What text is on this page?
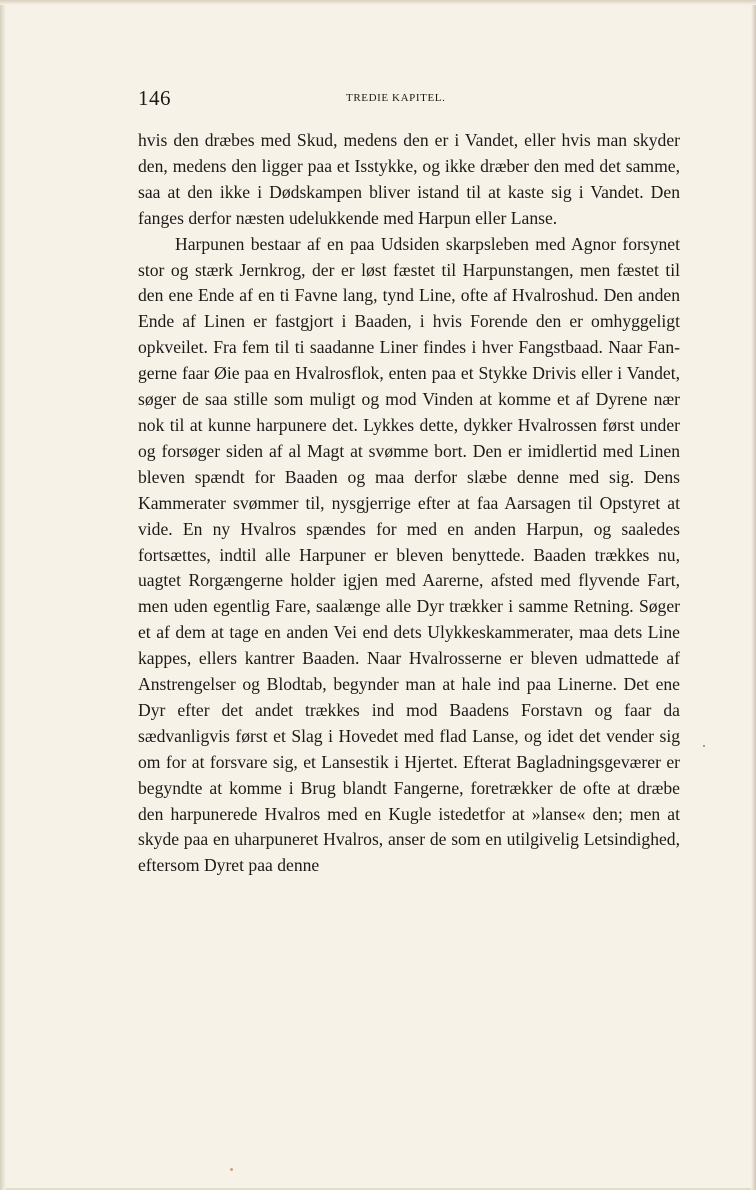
146	TREDIE KAPITEL.

hvis den dræbes med Skud, medens den er i Vandet, eller hvis man skyder den, medens den ligger paa et Isstykke, og ikke dræber den med det samme, saa at den ikke i Dødskampen bliver istand til at kaste sig i Vandet. Den fanges derfor næsten udelukkende med Harpun eller Lanse.

Harpunen bestaar af en paa Udsiden skarpsleben med Agnor forsynet stor og stærk Jernkrog, der er løst fæstet til Harpunstangen, men fæstet til den ene Ende af en ti Favne lang, tynd Line, ofte af Hvalroshud. Den anden Ende af Linen er fastgjort i Baaden, i hvis Forende den er omhyggeligt opkveilet. Fra fem til ti saadanne Liner findes i hver Fangstbaad. Naar Fangerne faar Øie paa en Hvalrosflok, enten paa et Stykke Drivis eller i Vandet, søger de saa stille som muligt og mod Vinden at komme et af Dyrene nær nok til at kunne harpunere det. Lykkes dette, dykker Hvalrossen først under og forsøger siden af al Magt at svømme bort. Den er imidlertid med Linen bleven spændt for Baaden og maa derfor slæbe denne med sig. Dens Kammerater svømmer til, nysgjerrige efter at faa Aarsagen til Opstyret at vide. En ny Hvalros spændes for med en anden Harpun, og saaledes fortsættes, indtil alle Harpuner er bleven benyttede. Baaden trækkes nu, uagtet Rorgængerne holder igjen med Aarerne, afsted med flyvende Fart, men uden egentlig Fare, saalænge alle Dyr trækker i samme Retning. Søger et af dem at tage en anden Vei end dets Ulykkeskammerater, maa dets Line kappes, ellers kantrer Baaden. Naar Hvalrosserne er bleven udmattede af Anstrengelser og Blodtab, begynder man at hale ind paa Linerne. Det ene Dyr efter det andet trækkes ind mod Baadens Forstavn og faar da sædvanligvis først et Slag i Hovedet med flad Lanse, og idet det vender sig om for at forsvare sig, et Lansestik i Hjertet. Efterat Bagladningsgeværer er begyndte at komme i Brug blandt Fangerne, foretrækker de ofte at dræbe den harpunerede Hvalros med en Kugle istedetfor at »lanse« den; men at skyde paa en uharpuneret Hvalros, anser de som en utilgivelig Letsindighed, eftersom Dyret paa denne
